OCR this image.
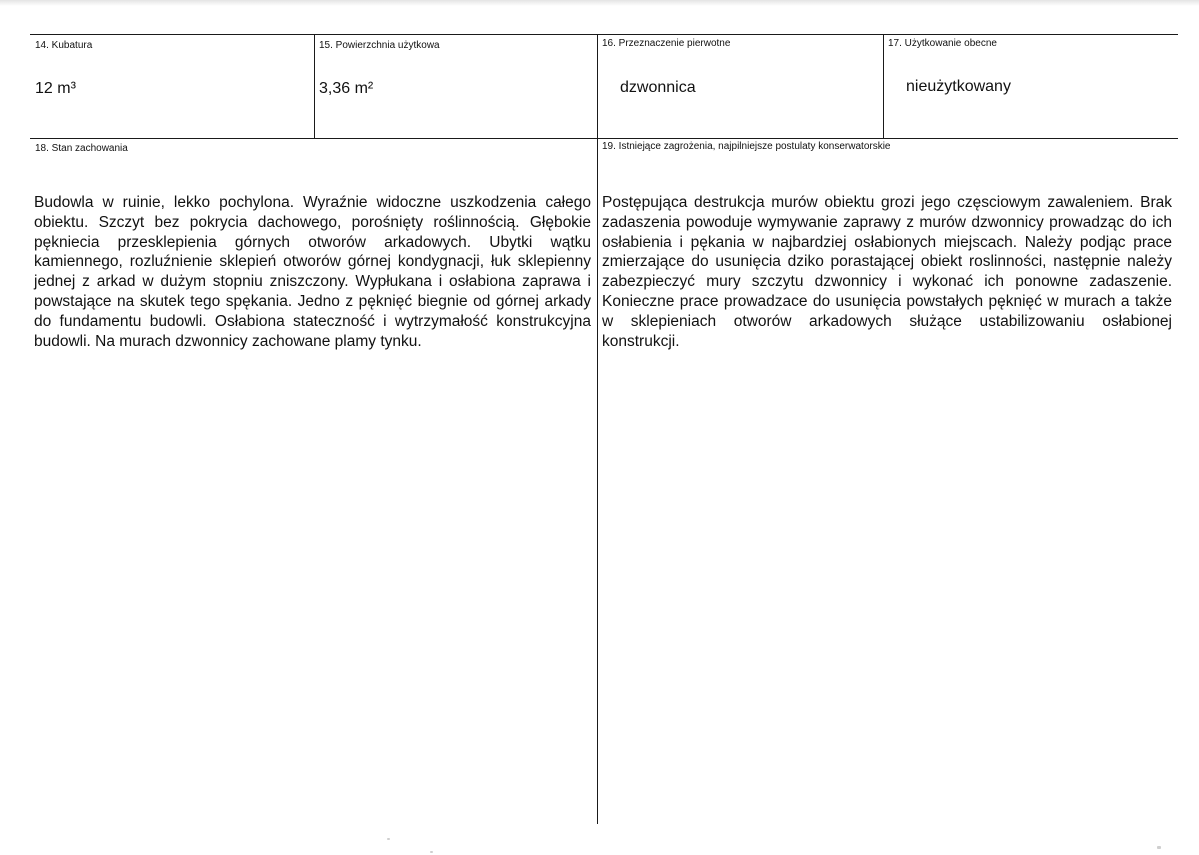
14. Kubatura
12 m³
15. Powierzchnia użytkowa
3,36 m²
16. Przeznaczenie pierwotne
dzwonnica
17. Użytkowanie obecne
nieużytkowany
18. Stan zachowania

Budowla w ruinie, lekko pochylona. Wyraźnie widoczne uszkodzenia całego obiektu. Szczyt bez pokrycia dachowego, porośnięty roślinnością. Głębokie pękniecia przesklepienia górnych otworów arkadowych. Ubytki wątku kamiennego, rozluźnienie sklepień otworów górnej kondygnacji, łuk sklepienny jednej z arkad w dużym stopniu zniszczony. Wypłukana i osłabiona zaprawa i powstające na skutek tego spękania. Jedno z pęknięć biegnie od górnej arkady do fundamentu budowli. Osłabiona stateczność i wytrzymałość konstrukcyjna budowli. Na murach dzwonnicy zachowane plamy tynku.

19. Istniejące zagrożenia, najpilniejsze postulaty konserwatorskie

Postępująca destrukcja murów obiektu grozi jego częsciowym zawaleniem. Brak zadaszenia powoduje wymywanie zaprawy z murów dzwonnicy prowadząc do ich osłabienia i pękania w najbardziej osłabionych miejscach. Należy podjąc prace zmierzające do usunięcia dziko porastającej obiekt roslinności, następnie należy zabezpieczyć mury szczytu dzwonnicy i wykonać ich ponowne zadaszenie. Konieczne prace prowadzace do usunięcia powstałych pęknięć w murach a także w sklepieniach otworów arkadowych służące ustabilizowaniu osłabionej konstrukcji.
